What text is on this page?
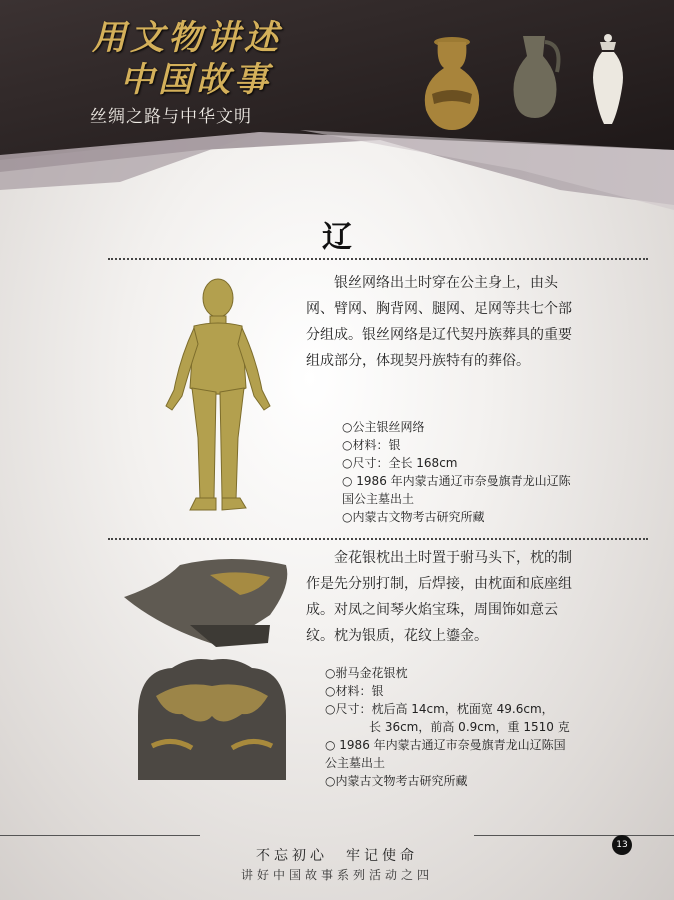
用文物讲述
中国故事
丝绸之路与中华文明
辽
银丝网络出土时穿在公主身上，由头网、臂网、胸背网、腿网、足网等共七个部分组成。银丝网络是辽代契丹族葬具的重要组成部分，体现契丹族特有的葬俗。
○公主银丝网络
○材料：银
○尺寸：全长 168cm
○ 1986 年内蒙古通辽市奈曼旗青龙山辽陈国公主墓出土
○内蒙古文物考古研究所藏
金花银枕出土时置于驸马头下，枕的制作是先分别打制，后焊接，由枕面和底座组成。对凤之间琴火焰宝珠，周围饰如意云纹。枕为银质，花纹上鎏金。
○驸马金花银枕
○材料：银
○尺寸：枕后高 14cm，枕面宽 49.6cm，
长 36cm，前高 0.9cm，重 1510 克
○ 1986 年内蒙古通辽市奈曼旗青龙山辽陈国公主墓出土
○内蒙古文物考古研究所藏
13
不忘初心　牢记使命
讲好中国故事系列活动之四
